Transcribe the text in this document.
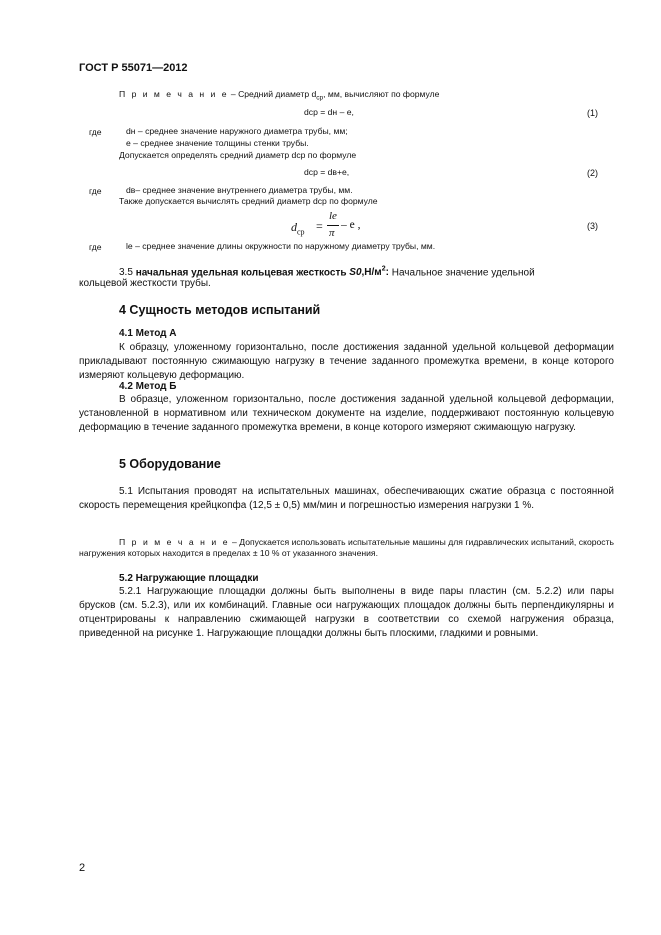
ГОСТ Р 55071—2012
П р и м е ч а н и е – Средний диаметр $d_{ср}$, мм, вычисляют по формуле
dср = dн – e,	(1)
где	dн – среднее значение наружного диаметра трубы, мм;
e – среднее значение толщины стенки трубы.
Допускается определять средний диаметр dср по формуле
dср = dв+e,	(2)
где	dв– среднее значение внутреннего диаметра трубы, мм.
Также допускается вычислять средний диаметр dср по формуле
$d_{ср}$ =
le
π
– e ,	(3)
где	le – среднее значение длины окружности по наружному диаметру трубы, мм.
3.5 начальная удельная кольцевая жесткость $S0,Н/м^2$: Начальное значение удельной
кольцевой жесткости трубы.
4 Сущность методов испытаний
4.1 Метод А
К образцу, уложенному горизонтально, после достижения заданной удельной кольцевой деформации прикладывают постоянную сжимающую нагрузку в течение заданного промежутка времени, в конце которого измеряют кольцевую деформацию.
4.2 Метод Б
В образце, уложенном горизонтально, после достижения заданной удельной кольцевой деформации, установленной в нормативном или техническом документе на изделие, поддерживают постоянную кольцевую деформацию в течение заданного промежутка времени, в конце которого измеряют сжимающую нагрузку.
5 Оборудование
5.1 Испытания проводят на испытательных машинах, обеспечивающих сжатие образца с постоянной скорость перемещения крейцкопфа (12,5 ± 0,5) мм/мин и погрешностью измерения нагрузки 1 %.
П р и м е ч а н и е – Допускается использовать испытательные машины для гидравлических испытаний, скорость нагружения которых находится в пределах ± 10 % от указанного значения.
5.2 Нагружающие площадки
5.2.1 Нагружающие площадки должны быть выполнены в виде пары пластин (см. 5.2.2) или пары брусков (см. 5.2.3), или их комбинаций. Главные оси нагружающих площадок должны быть перпендикулярны и отцентрированы к направлению сжимающей нагрузки в соответствии со схемой нагружения образца, приведенной на рисунке 1. Нагружающие площадки должны быть плоскими, гладкими и ровными.
2
